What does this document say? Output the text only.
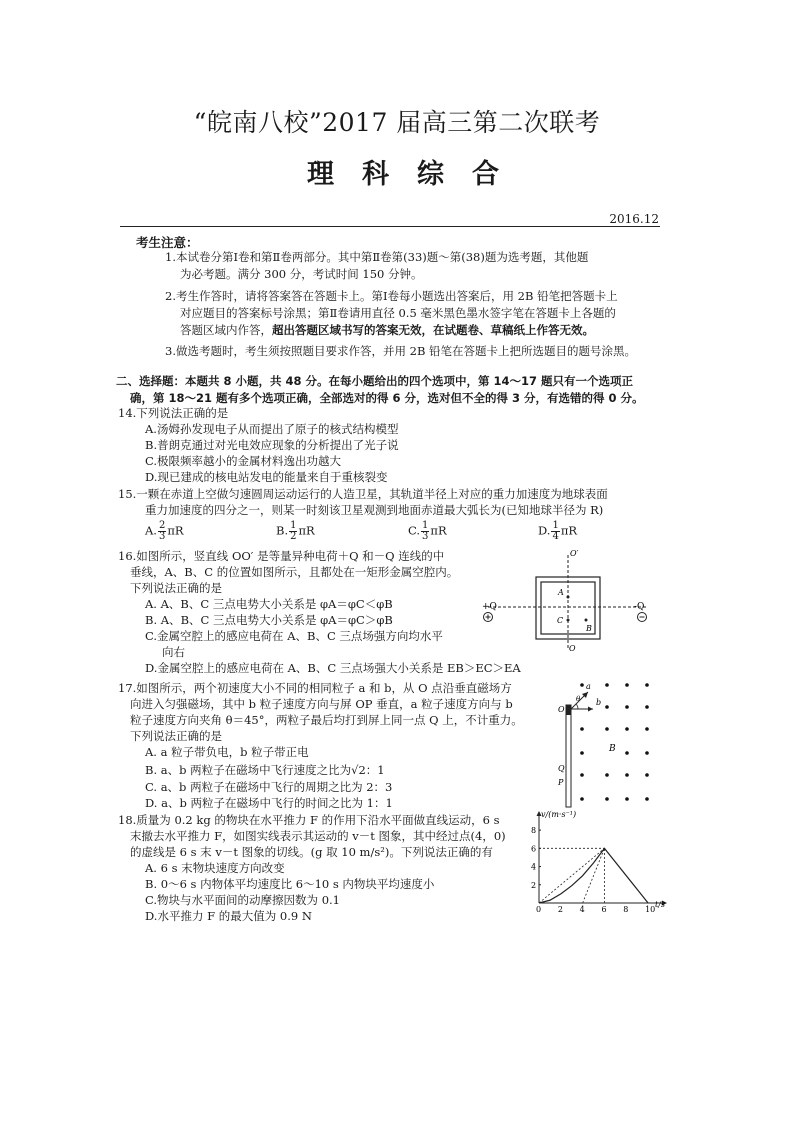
“皖南八校”2017 届高三第二次联考
理科综合
2016.12
考生注意：
1.本试卷分第Ⅰ卷和第Ⅱ卷两部分。其中第Ⅱ卷第(33)题～第(38)题为选考题，其他题
为必考题。满分 300 分，考试时间 150 分钟。
2.考生作答时，请将答案答在答题卡上。第Ⅰ卷每小题选出答案后，用 2B 铅笔把答题卡上
对应题目的答案标号涂黑；第Ⅱ卷请用直径 0.5 毫米黑色墨水签字笔在答题卡上各题的
答题区域内作答，超出答题区域书写的答案无效，在试题卷、草稿纸上作答无效。
3.做选考题时，考生须按照题目要求作答，并用 2B 铅笔在答题卡上把所选题目的题号涂黑。
二、选择题：本题共 8 小题，共 48 分。在每小题给出的四个选项中，第 14～17 题只有一个选项正
确，第 18～21 题有多个选项正确，全部选对的得 6 分，选对但不全的得 3 分，有选错的得 0 分。
14.下列说法正确的是
A.汤姆孙发现电子从而提出了原子的核式结构模型
B.普朗克通过对光电效应现象的分析提出了光子说
C.极限频率越小的金属材料逸出功越大
D.现已建成的核电站发电的能量来自于重核裂变
15.一颗在赤道上空做匀速圆周运动运行的人造卫星，其轨道半径上对应的重力加速度为地球表面
重力加速度的四分之一，则某一时刻该卫星观测到地面赤道最大弧长为(已知地球半径为 R)
A. $\frac{2}{3}$ πR	B. $\frac{1}{2}$ πR	C. $\frac{1}{3}$ πR	D. $\frac{1}{4}$ πR
16.如图所示，竖直线 OO′ 是等量异种电荷＋Q 和－Q 连线的中
垂线，A、B、C 的位置如图所示，且都处在一矩形金属空腔内。
下列说法正确的是
A. A、B、C 三点电势大小关系是 φA＝φC＜φB
B. A、B、C 三点电势大小关系是 φA＝φC＞φB
C.金属空腔上的感应电荷在 A、B、C 三点场强方向均水平
向右
D.金属空腔上的感应电荷在 A、B、C 三点场强大小关系是 EB＞EC＞EA
+Q	-Q
O′
O
A
C
B
17.如图所示，两个初速度大小不同的相同粒子 a 和 b，从 O 点沿垂直磁场方
向进入匀强磁场，其中 b 粒子速度方向与屏 OP 垂直，a 粒子速度方向与 b
粒子速度方向夹角 θ＝45°，两粒子最后均打到屏上同一点 Q 上，不计重力。
下列说法正确的是
A. a 粒子带负电，b 粒子带正电
B. a、b 两粒子在磁场中飞行速度之比为√2：1
C. a、b 两粒子在磁场中飞行的周期之比为 2：3
D. a、b 两粒子在磁场中飞行的时间之比为 1：1
O
a
b
θ
B
Q
P
18.质量为 0.2 kg 的物块在水平推力 F 的作用下沿水平面做直线运动，6 s
末撤去水平推力 F，如图实线表示其运动的 v－t 图象，其中经过点(4，0)
的虚线是 6 s 末 v－t 图象的切线。(g 取 10 m/s²)。下列说法正确的有
A. 6 s 末物块速度方向改变
B. 0～6 s 内物体平均速度比 6～10 s 内物块平均速度小
C.物块与水平面间的动摩擦因数为 0.1
D.水平推力 F 的最大值为 0.9 N	0 2 4 6 8 10
2
4
6
8
v/(m·s⁻¹)
t/s
